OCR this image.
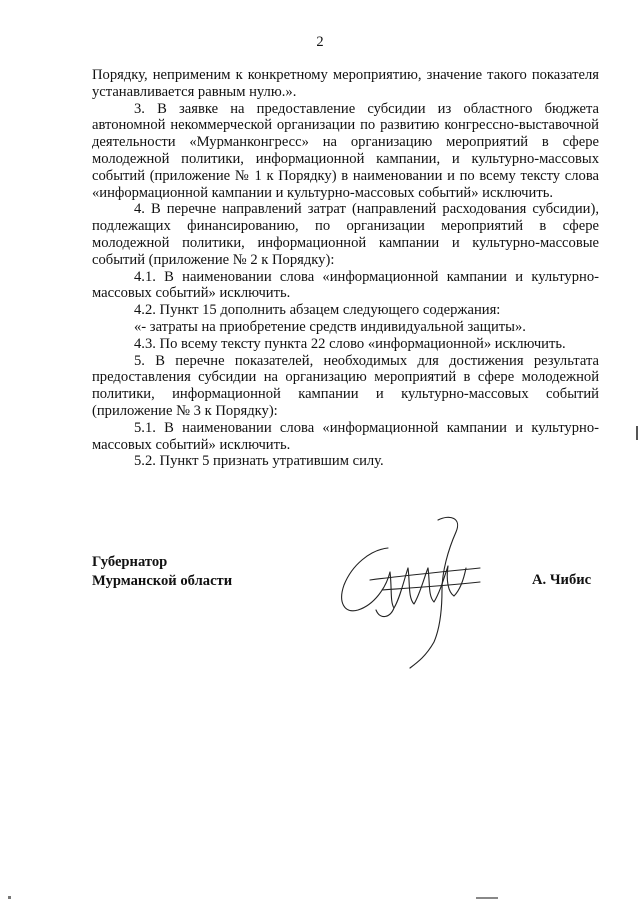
2

Порядку, неприменим к конкретному мероприятию, значение такого показателя устанавливается равным нулю.».

3. В заявке на предоставление субсидии из областного бюджета автономной некоммерческой организации по развитию конгрессно-выставочной деятельности «Мурманконгресс» на организацию мероприятий в сфере молодежной политики, информационной кампании, и культурно-массовых событий (приложение № 1 к Порядку) в наименовании и по всему тексту слова «информационной кампании и культурно-массовых событий» исключить.

4. В перечне направлений затрат (направлений расходования субсидии), подлежащих финансированию, по организации мероприятий в сфере молодежной политики, информационной кампании и культурно-массовые событий (приложение № 2 к Порядку):

4.1. В наименовании слова «информационной кампании и культурно-массовых событий» исключить.

4.2. Пункт 15 дополнить абзацем следующего содержания:

«- затраты на приобретение средств индивидуальной защиты».

4.3. По всему тексту пункта 22 слово «информационной» исключить.

5. В перечне показателей, необходимых для достижения результата предоставления субсидии на организацию мероприятий в сфере молодежной политики, информационной кампании и культурно-массовых событий (приложение № 3 к Порядку):

5.1. В наименовании слова «информационной кампании и культурно-массовых событий» исключить.

5.2. Пункт 5 признать утратившим силу.

Губернатор
Мурманской области	А. Чибис
